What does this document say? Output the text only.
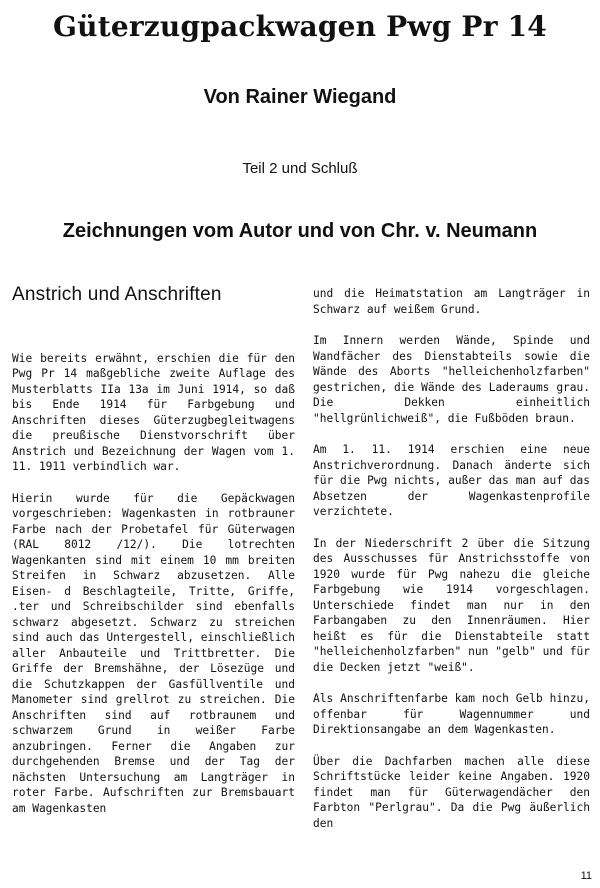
Güterzugpackwagen Pwg Pr 14
Von Rainer Wiegand
Teil 2 und Schluß
Zeichnungen vom Autor und von Chr. v. Neumann
Anstrich und Anschriften

Wie bereits erwähnt, erschien die für den Pwg Pr 14 maßgebliche zweite Auflage des Musterblatts IIa 13a im Juni 1914, so daß bis Ende 1914 für Farbgebung und Anschriften dieses Güterzugbegleitwagens die preußische Dienstvorschrift über Anstrich und Bezeichnung der Wagen vom 1. 11. 1911 verbindlich war.

Hierin wurde für die Gepäckwagen vorgeschrieben: Wagenkasten in rotbrauner Farbe nach der Probetafel für Güterwagen (RAL 8012 /12/). Die lotrechten Wagenkanten sind mit einem 10 mm breiten Streifen in Schwarz abzusetzen. Alle Eisen- d Beschlagteile, Tritte, Griffe, .ter und Schreibschilder sind ebenfalls schwarz abgesetzt. Schwarz zu streichen sind auch das Untergestell, einschließlich aller Anbauteile und Trittbretter. Die Griffe der Bremshähne, der Lösezüge und die Schutzkappen der Gasfüllventile und Manometer sind grellrot zu streichen. Die Anschriften sind auf rotbraunem und schwarzem Grund in weißer Farbe anzubringen. Ferner die Angaben zur durchgehenden Bremse und der Tag der nächsten Untersuchung am Langträger in roter Farbe. Aufschriften zur Bremsbauart am Wagenkasten

und die Heimatstation am Langträger in Schwarz auf weißem Grund.

Im Innern werden Wände, Spinde und Wandfächer des Dienstabteils sowie die Wände des Aborts "helleichenholzfarben" gestrichen, die Wände des Laderaums grau. Die Dekken einheitlich "hellgrünlichweiß", die Fußböden braun.

Am 1. 11. 1914 erschien eine neue Anstrichverordnung. Danach änderte sich für die Pwg nichts, außer das man auf das Absetzen der Wagenkastenprofile verzichtete.

In der Niederschrift 2 über die Sitzung des Ausschusses für Anstrichsstoffe von 1920 wurde für Pwg nahezu die gleiche Farbgebung wie 1914 vorgeschlagen. Unterschiede findet man nur in den Farbangaben zu den Innenräumen. Hier heißt es für die Dienstabteile statt "helleichenholzfarben" nun "gelb" und für die Decken jetzt "weiß".

Als Anschriftenfarbe kam noch Gelb hinzu, offenbar für Wagennummer und Direktionsangabe an dem Wagenkasten.

Über die Dachfarben machen alle diese Schriftstücke leider keine Angaben. 1920 findet man für Güterwagendächer den Farbton "Perlgrau". Da die Pwg äußerlich den

11
